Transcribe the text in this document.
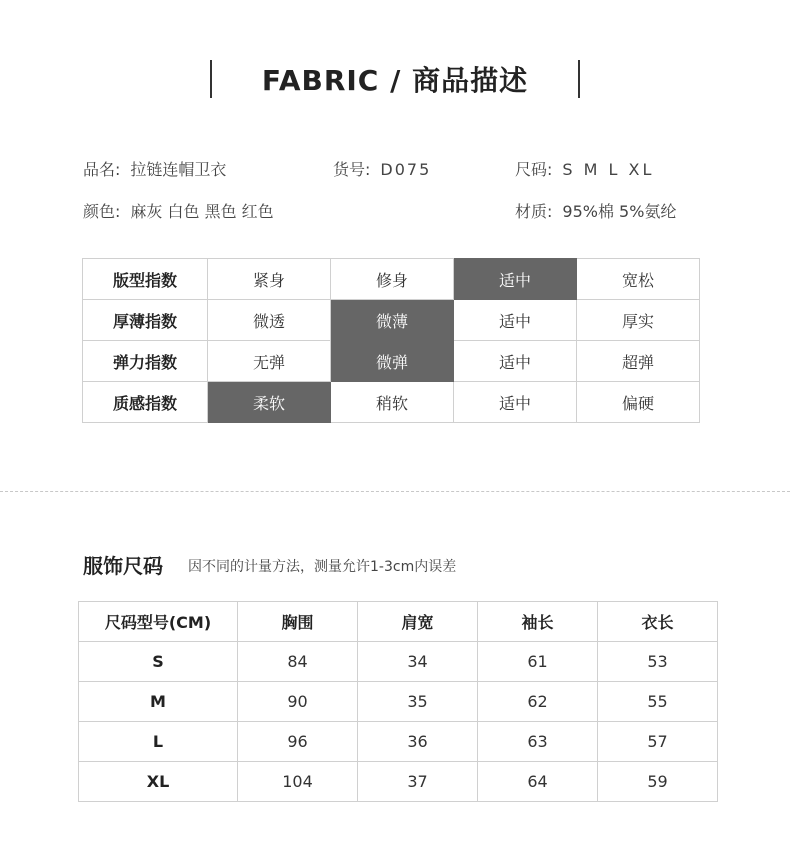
FABRIC / 商品描述
品名: 拉链连帽卫衣	货号: D075	尺码: S M L XL
颜色: 麻灰 白色 黑色 红色	材质: 95%棉 5%氨纶
版型指数	紧身	修身	适中	宽松
厚薄指数	微透	微薄	适中	厚实
弹力指数	无弹	微弹	适中	超弹
质感指数	柔软	稍软	适中	偏硬
服饰尺码 因不同的计量方法，测量允许1-3cm内误差
尺码型号(CM)	胸围	肩宽	袖长	衣长
S	84	34	61	53
M	90	35	62	55
L	96	36	63	57
XL	104	37	64	59
